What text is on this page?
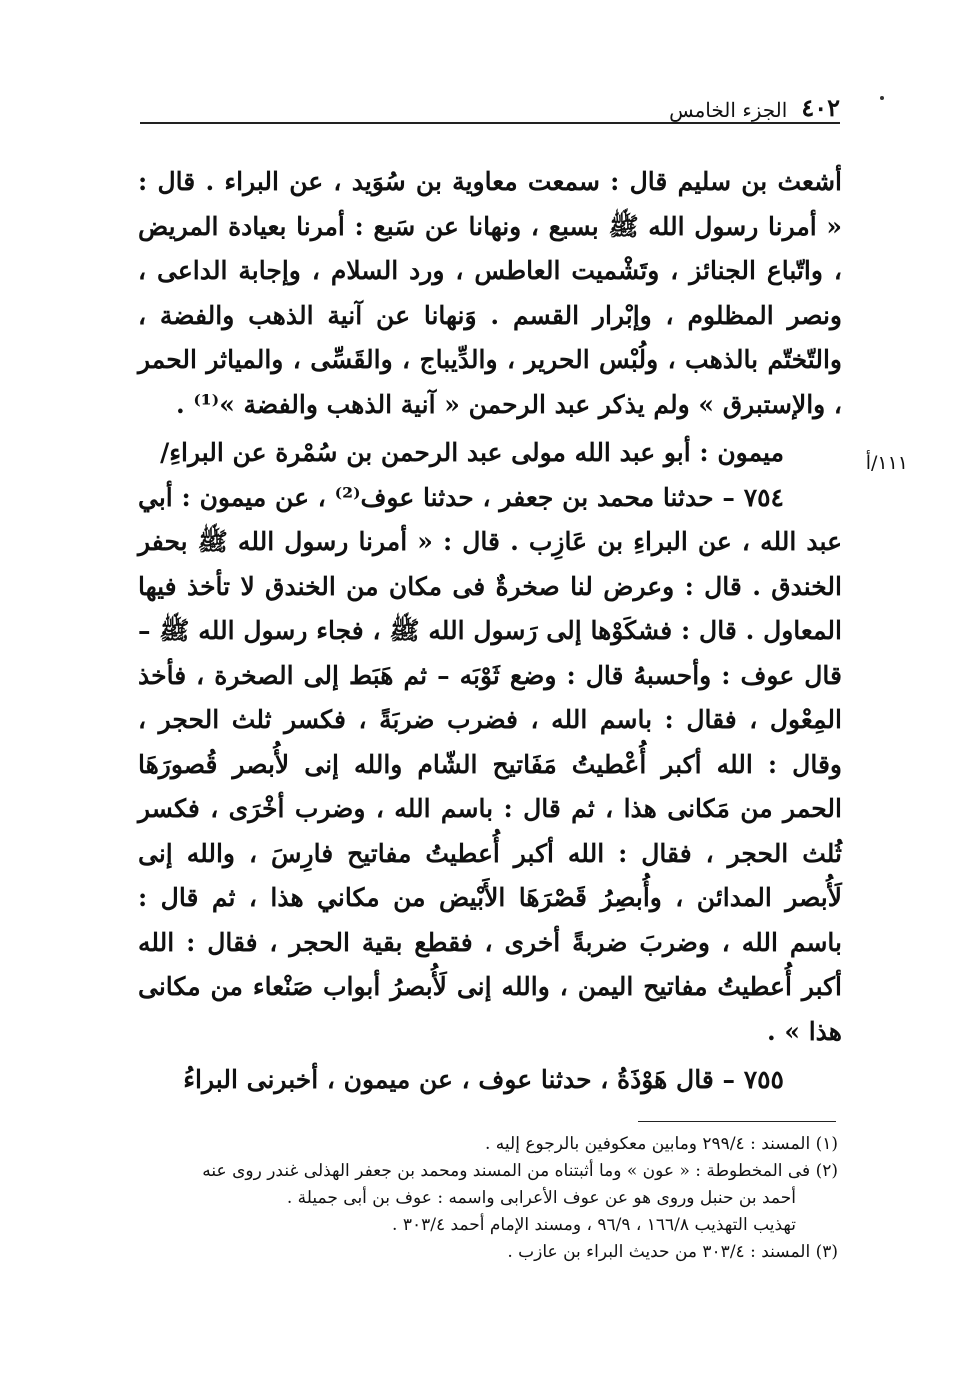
٤٠٢
الجزء الخامس
١١١/أ

أشعث بن سليم قال : سمعت معاوية بن سُوَيد ، عن البراء . قال : « أمرنا رسول الله ﷺ بسبع ، ونهانا عن سَبع : أمرنا بعيادة المريض ، واتّباع الجنائز ، وتَشْميت العاطس ، ورد السلام ، وإجابة الداعى ، ونصر المظلوم ، وإبْرار القسم . وَنهانا عن آنية الذهب والفضة ، والتّختّم بالذهب ، ولُبْس الحرير ، والدِّيباج ، والقَسِّى ، والمياثر الحمر ، والإستبرق » ولم يذكر عبد الرحمن « آنية الذهب والفضة »⁽¹⁾ .

ميمون : أبو عبد الله مولى عبد الرحمن بن سُمْرة عن البراءِ/

٧٥٤ – حدثنا محمد بن جعفر ، حدثنا عوف⁽²⁾ ، عن ميمون : أبي عبد الله ، عن البراءِ بن عَازِب . قال : « أمرنا رسول الله ﷺ بحفر الخندق . قال : وعرض لنا صخرةٌ فى مكان من الخندق لا تأخذ فيها المعاول . قال : فشكَوْها إلى رَسول الله ﷺ ، فجاء رسول الله ﷺ – قال عوف : وأحسبهُ قال : وضع ثَوْبَه – ثم هَبَط إلى الصخرة ، فأخذ المِعْول ، فقال : باسم الله ، فضرب ضربَةً ، فكسر ثلث الحجر ، وقال : الله أكبر أُعْطيتُ مَفَاتيح الشّام والله إنى لأُبصر قُصورَهَا الحمر من مَكانى هذا ، ثم قال : باسم الله ، وضرب أخْرَى ، فكسر ثُلث الحجر ، فقال : الله أكبر أُعطيتُ مفاتيح فارِسَ ، والله إنى لَأُبصر المدائن ، وأُبصِرُ قَصْرَهَا الأَبْيض من مكاني هذا ، ثم قال : باسم الله ، وضربَ ضربةً أخرى ، فقطع بقية الحجر ، فقال : الله أكبر أُعطيتُ مفاتيح اليمن ، والله إنى لَأُبصرُ أبواب صَنْعاء من مكانى هذا » .

٧٥٥ – قال هَوْذَةُ ، حدثنا عوف ، عن ميمون ، أخبرنى البراءُ

(١) المسند : ٢٩٩/٤ ومابين معكوفين بالرجوع إليه .

(٢) فى المخطوطة : « عون » وما أثبتناه من المسند ومحمد بن جعفر الهذلى غندر روى عنه

أحمد بن حنبل وروى هو عن عوف الأعرابى واسمه : عوف بن أبى جميلة .

تهذيب التهذيب ١٦٦/٨ ، ٩٦/٩ ، ومسند الإمام أحمد ٣٠٣/٤ .

(٣) المسند : ٣٠٣/٤ من حديث البراء بن عازب .
